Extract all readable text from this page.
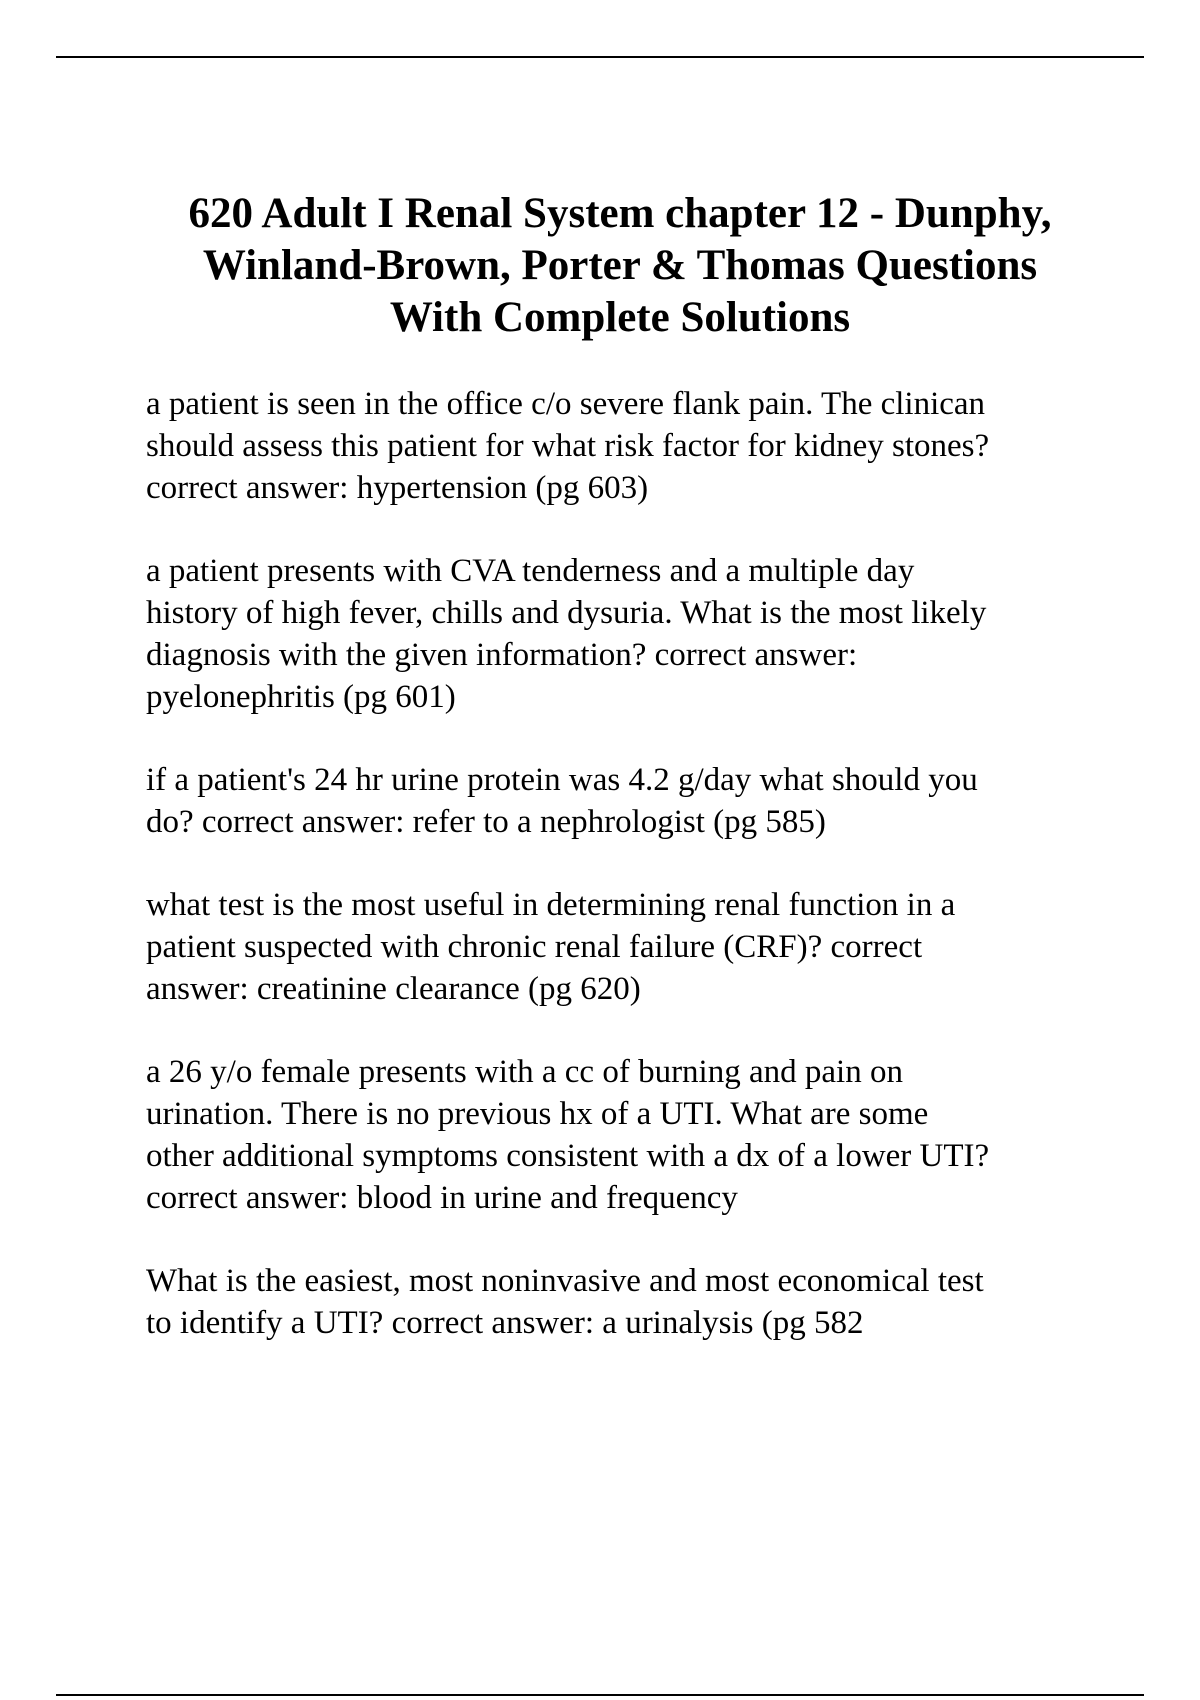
620 Adult I Renal System chapter 12 - Dunphy,
Winland-Brown, Porter & Thomas Questions
With Complete Solutions
a patient is seen in the office c/o severe flank pain. The clinican
should assess this patient for what risk factor for kidney stones?
correct answer: hypertension (pg 603)
a patient presents with CVA tenderness and a multiple day
history of high fever, chills and dysuria. What is the most likely
diagnosis with the given information? correct answer:
pyelonephritis (pg 601)
if a patient's 24 hr urine protein was 4.2 g/day what should you
do? correct answer: refer to a nephrologist (pg 585)
what test is the most useful in determining renal function in a
patient suspected with chronic renal failure (CRF)? correct
answer: creatinine clearance (pg 620)
a 26 y/o female presents with a cc of burning and pain on
urination. There is no previous hx of a UTI. What are some
other additional symptoms consistent with a dx of a lower UTI?
correct answer: blood in urine and frequency
What is the easiest, most noninvasive and most economical test
to identify a UTI? correct answer: a urinalysis (pg 582
